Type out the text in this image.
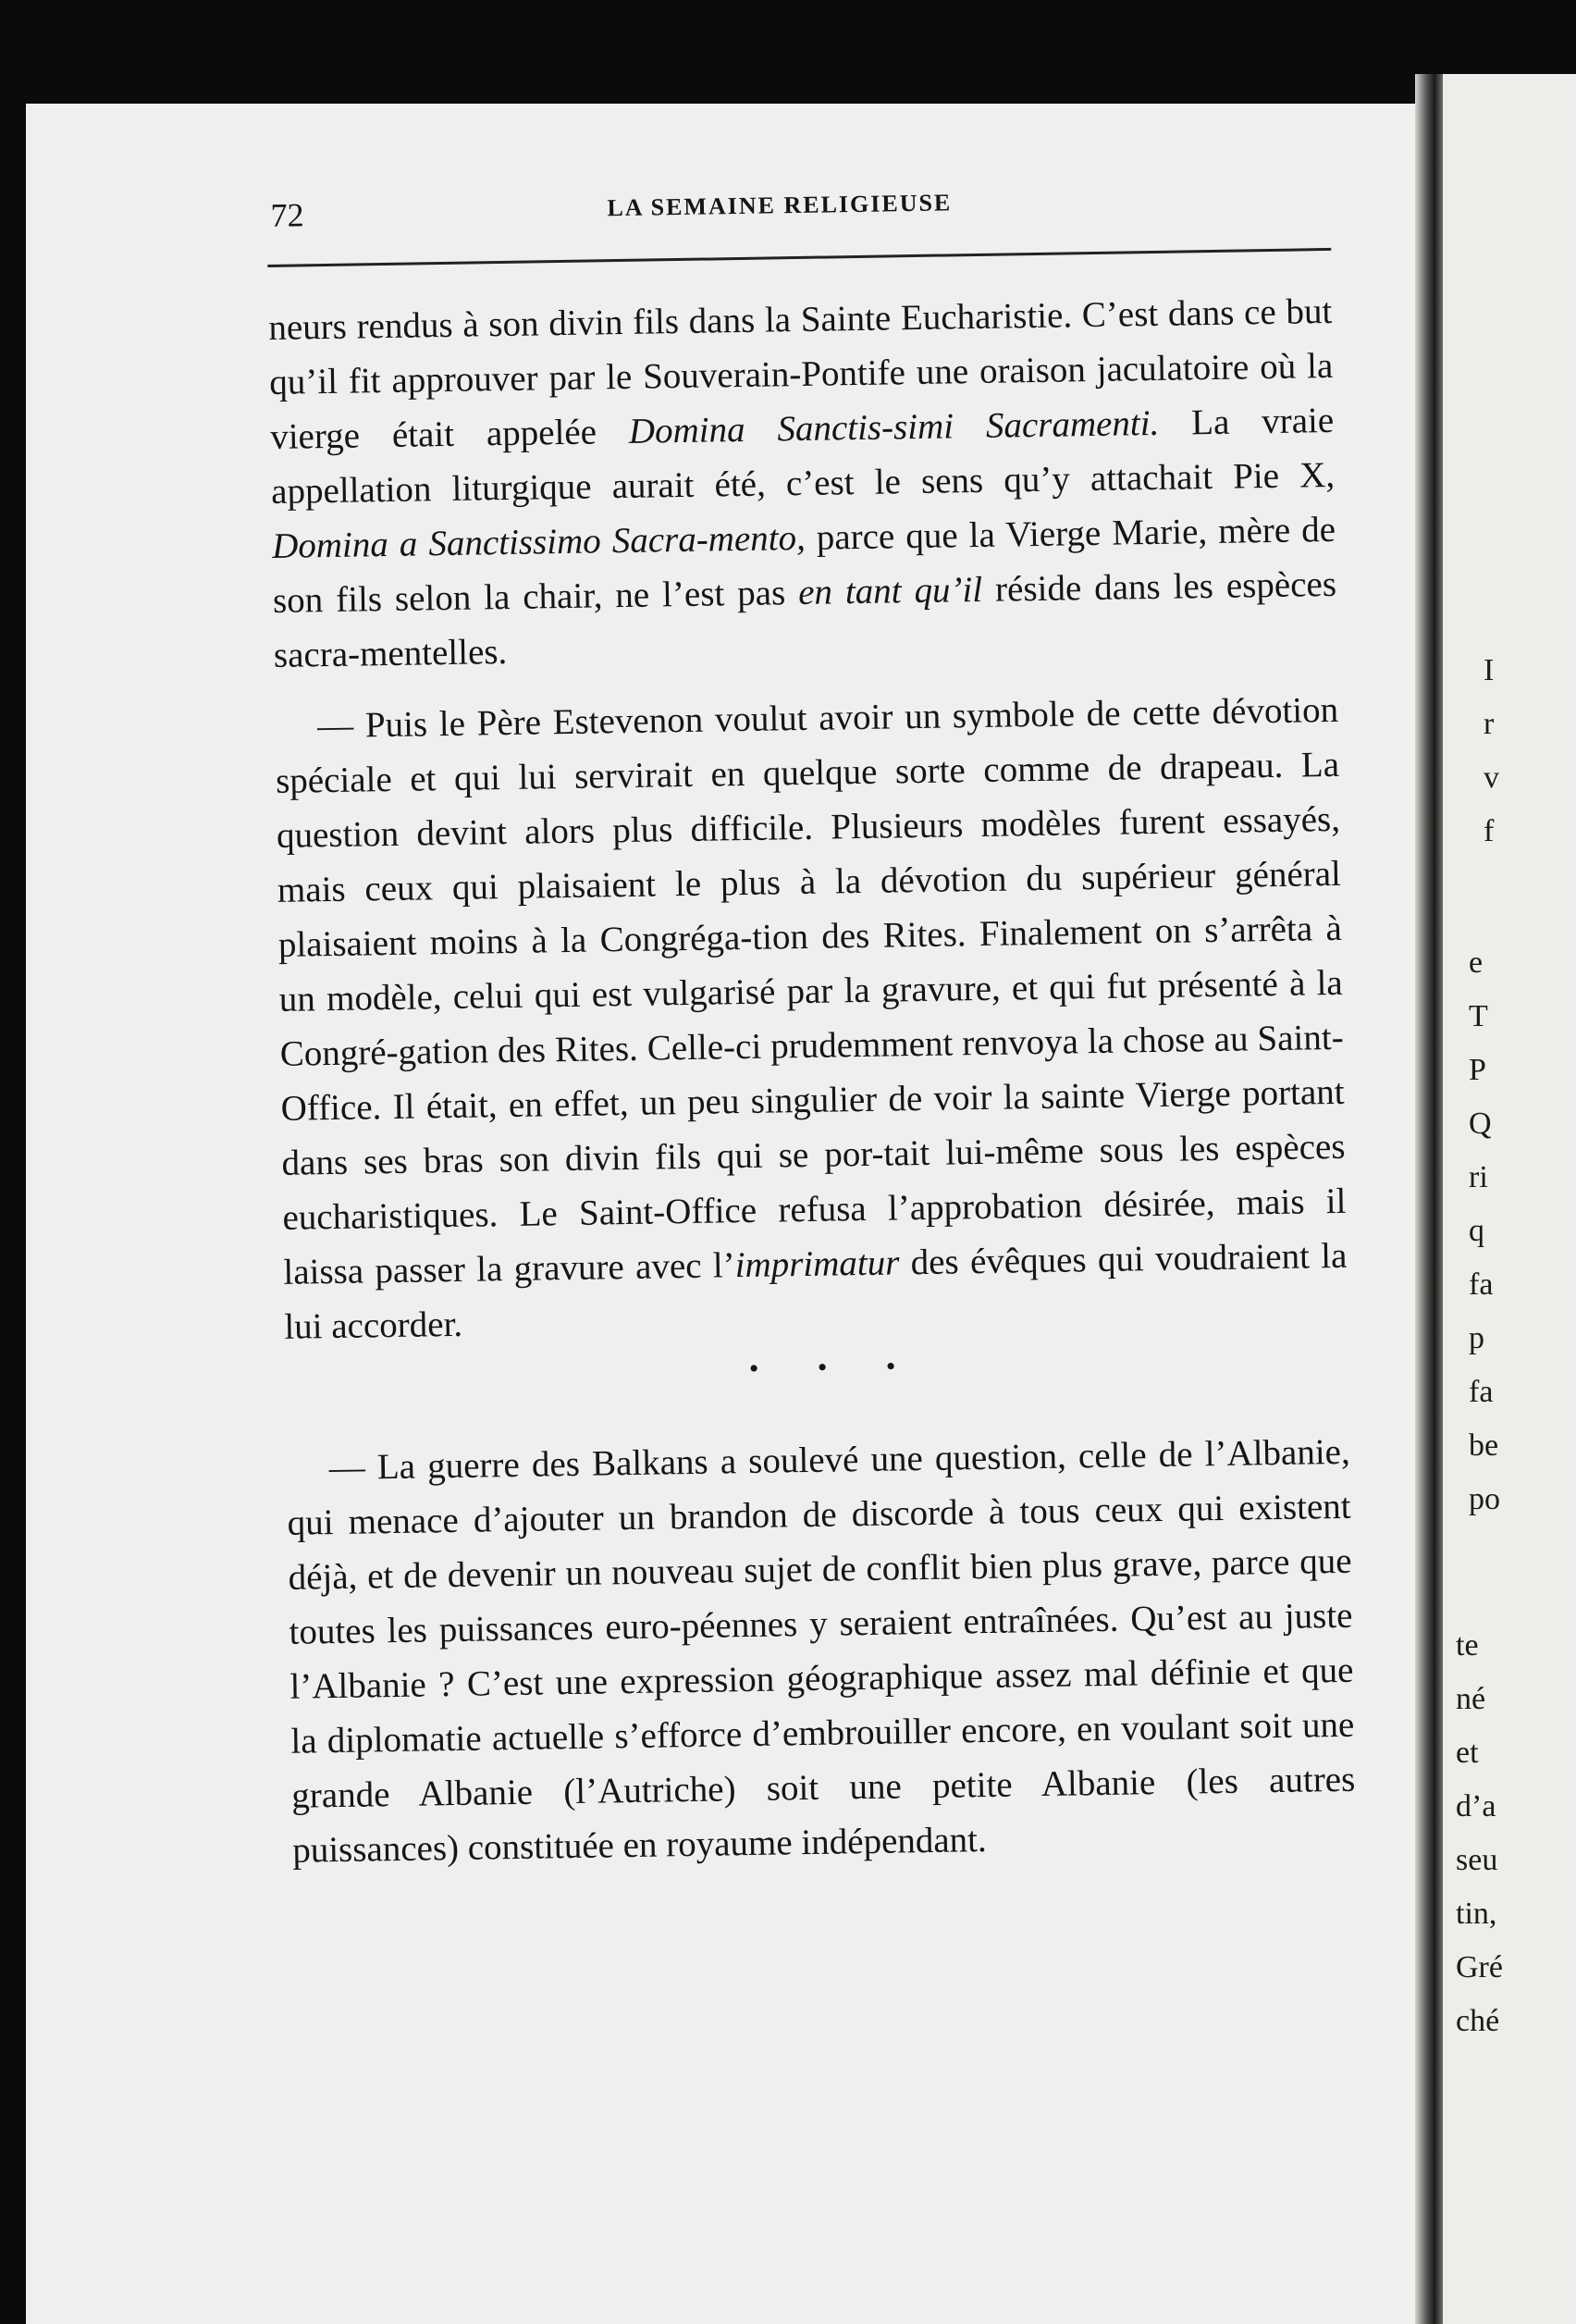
I
r
v
f
e
T
P
Q
ri
q
fa
p
fa
be
po
te
né
et
d’a
seu
tin,
Gré
ché
72	LA SEMAINE RELIGIEUSE

neurs rendus à son divin fils dans la Sainte Eucharistie. C’est dans ce but qu’il fit approuver par le Souverain-Pontife une oraison jaculatoire où la vierge était appelée Domina Sanctis-simi Sacramenti. La vraie appellation liturgique aurait été, c’est le sens qu’y attachait Pie X, Domina a Sanctissimo Sacra-mento, parce que la Vierge Marie, mère de son fils selon la chair, ne l’est pas en tant qu’il réside dans les espèces sacra-mentelles.

— Puis le Père Estevenon voulut avoir un symbole de cette dévotion spéciale et qui lui servirait en quelque sorte comme de drapeau. La question devint alors plus difficile. Plusieurs modèles furent essayés, mais ceux qui plaisaient le plus à la dévotion du supérieur général plaisaient moins à la Congréga-tion des Rites. Finalement on s’arrêta à un modèle, celui qui est vulgarisé par la gravure, et qui fut présenté à la Congré-gation des Rites. Celle-ci prudemment renvoya la chose au Saint-Office. Il était, en effet, un peu singulier de voir la sainte Vierge portant dans ses bras son divin fils qui se por-tait lui-même sous les espèces eucharistiques. Le Saint-Office refusa l’approbation désirée, mais il laissa passer la gravure avec l’imprimatur des évêques qui voudraient la lui accorder.

• • •

— La guerre des Balkans a soulevé une question, celle de l’Albanie, qui menace d’ajouter un brandon de discorde à tous ceux qui existent déjà, et de devenir un nouveau sujet de conflit bien plus grave, parce que toutes les puissances euro-péennes y seraient entraînées. Qu’est au juste l’Albanie ? C’est une expression géographique assez mal définie et que la diplomatie actuelle s’efforce d’embrouiller encore, en voulant soit une grande Albanie (l’Autriche) soit une petite Albanie (les autres puissances) constituée en royaume indépendant.
